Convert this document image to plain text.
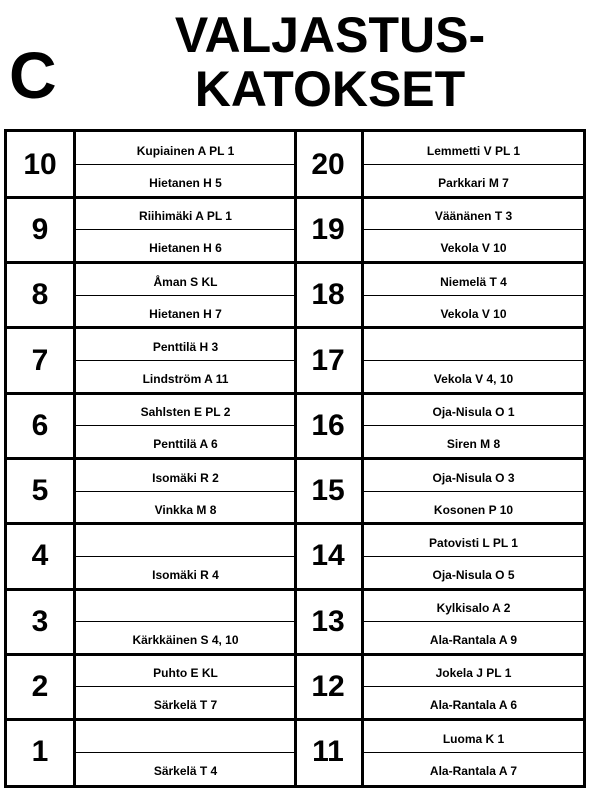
C
VALJASTUS-
KATOKSET
10	Kupiainen A PL 1
Hietanen H 5
20	Lemmetti V PL 1
Parkkari M 7
9	Riihimäki A PL 1
Hietanen H 6
19	Väänänen T 3
Vekola V 10
8	Åman S KL
Hietanen H 7
18	Niemelä T 4
Vekola V 10
7	Penttilä H 3
Lindström A 11
17
Vekola V 4, 10
6	Sahlsten E PL 2
Penttilä A 6
16	Oja-Nisula O 1
Siren M 8
5	Isomäki R 2
Vinkka M 8
15	Oja-Nisula O 3
Kosonen P 10
4
Isomäki R 4
14	Patovisti L PL 1
Oja-Nisula O 5
3
Kärkkäinen S 4, 10
13	Kylkisalo A 2
Ala-Rantala A 9
2	Puhto E KL
Särkelä T 7
12	Jokela J PL 1
Ala-Rantala A 6
1
Särkelä T 4
11	Luoma K 1
Ala-Rantala A 7
